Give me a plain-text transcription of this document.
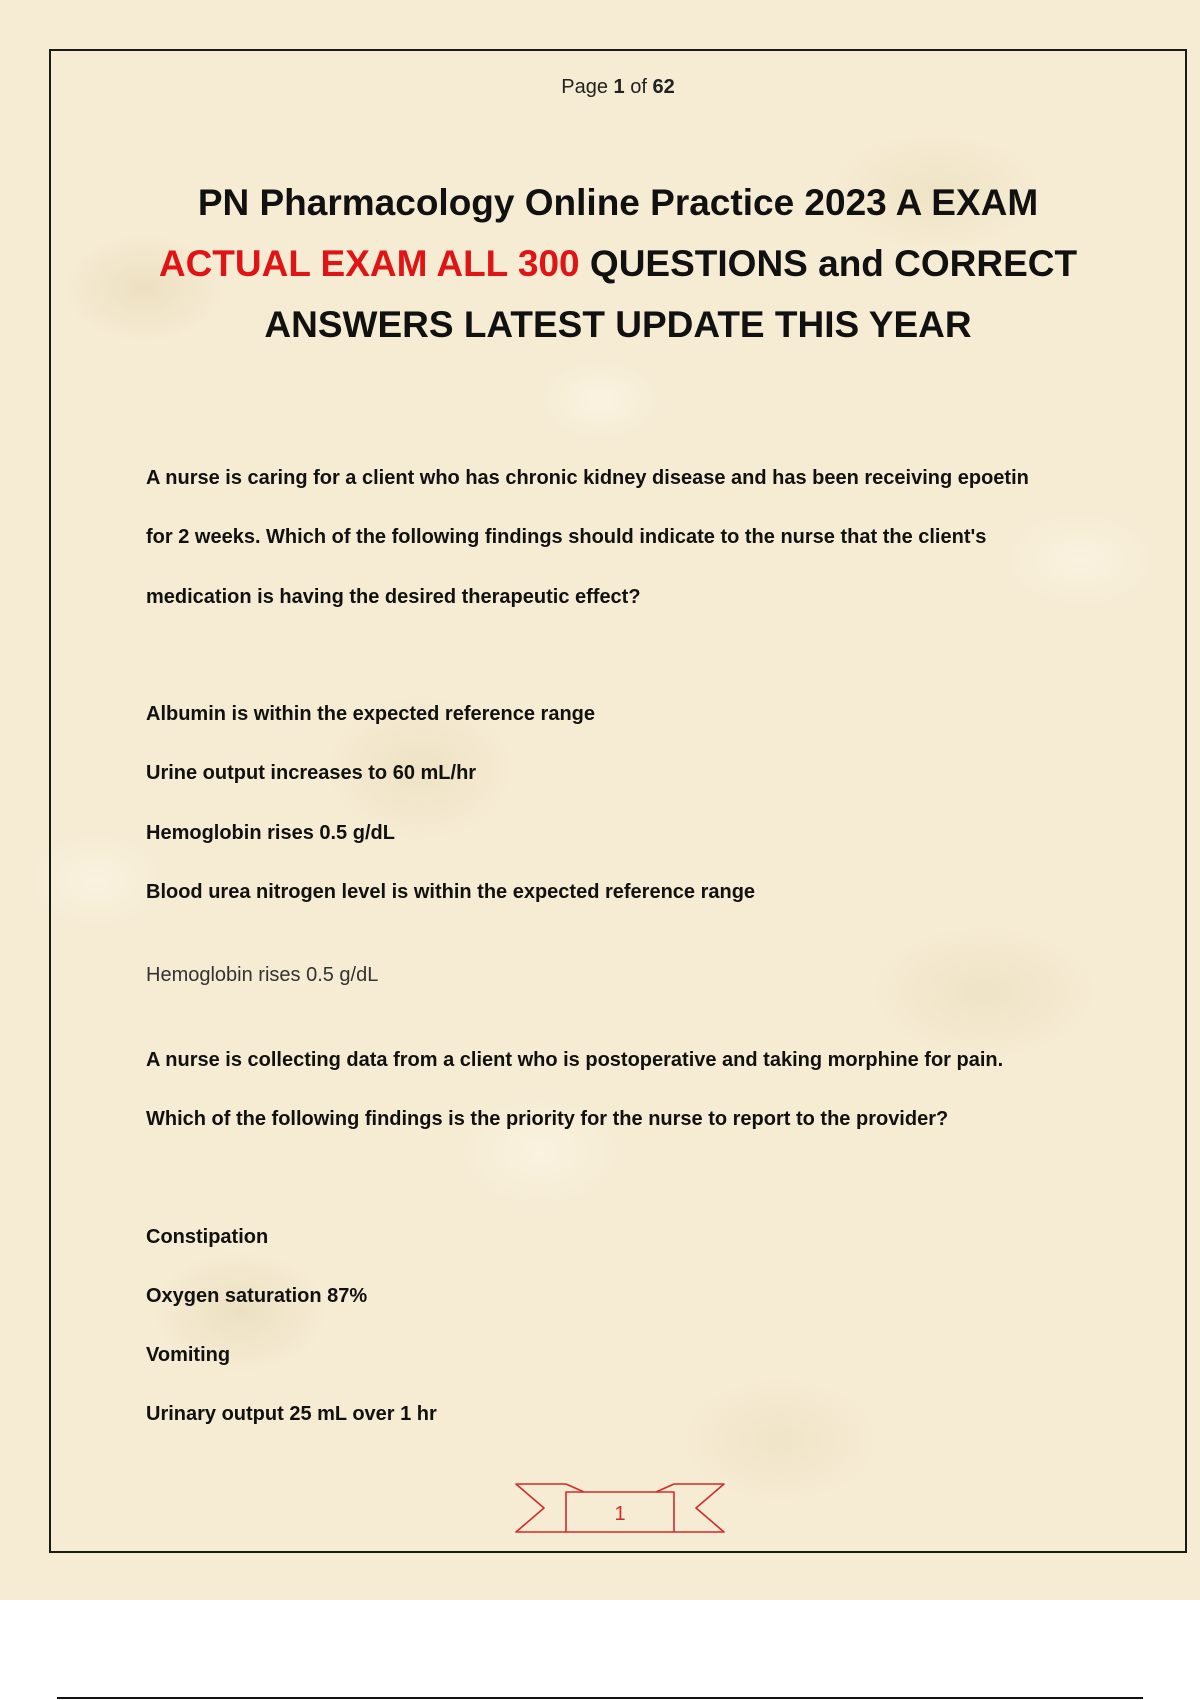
Page 1 of 62
PN Pharmacology Online Practice 2023 A EXAM
ACTUAL EXAM ALL 300 QUESTIONS and CORRECT
ANSWERS LATEST UPDATE THIS YEAR
A nurse is caring for a client who has chronic kidney disease and has been receiving epoetin
for 2 weeks. Which of the following findings should indicate to the nurse that the client's
medication is having the desired therapeutic effect?
Albumin is within the expected reference range
Urine output increases to 60 mL/hr
Hemoglobin rises 0.5 g/dL
Blood urea nitrogen level is within the expected reference range
Hemoglobin rises 0.5 g/dL
A nurse is collecting data from a client who is postoperative and taking morphine for pain.
Which of the following findings is the priority for the nurse to report to the provider?
Constipation
Oxygen saturation 87%
Vomiting
Urinary output 25 mL over 1 hr
1
